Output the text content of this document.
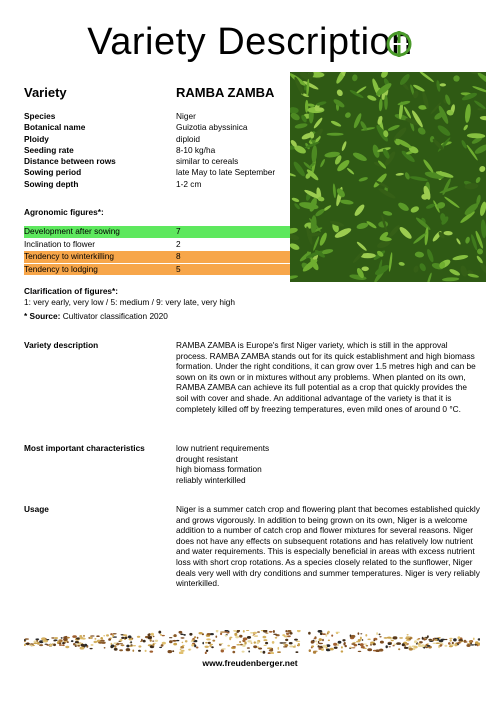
Variety Description
Variety	RAMBA ZAMBA
Species	Niger
Botanical name	Guizotia abyssinica
Ploidy	diploid
Seeding rate	8-10 kg/ha
Distance between rows	similar to cereals
Sowing period	late May to late September
Sowing depth	1-2 cm
Agronomic figures*:
Development after sowing	7
Inclination to flower	2
Tendency to winterkilling	8
Tendency to lodging	5
Clarification of figures*:
1: very early, very low / 5: medium / 9: very late, very high
* Source: Cultivator classification 2020
Variety description	RAMBA ZAMBA is Europe's first Niger variety, which is still in the approval process. RAMBA ZAMBA stands out for its quick establishment and high biomass formation. Under the right conditions, it can grow over 1.5 metres high and can be sown on its own or in mixtures without any problems. When planted on its own, RAMBA ZAMBA can achieve its full potential as a crop that quickly provides the soil with cover and shade. An additional advantage of the variety is that it is completely killed off by freezing temperatures, even mild ones of around 0 °C.

Most important characteristics	low nutrient requirements
drought resistant
high biomass formation
reliably winterkilled
Usage	Niger is a summer catch crop and flowering plant that becomes established quickly and grows vigorously. In addition to being grown on its own, Niger is a welcome addition to a number of catch crop and flower mixtures for several reasons. Niger does not have any effects on subsequent rotations and has relatively low nutrient and water requirements. This is especially beneficial in areas with excess nutrient loss with short crop rotations. As a species closely related to the sunflower, Niger deals very well with dry conditions and summer temperatures. Niger is very reliably winterkilled.

www.freudenberger.net
